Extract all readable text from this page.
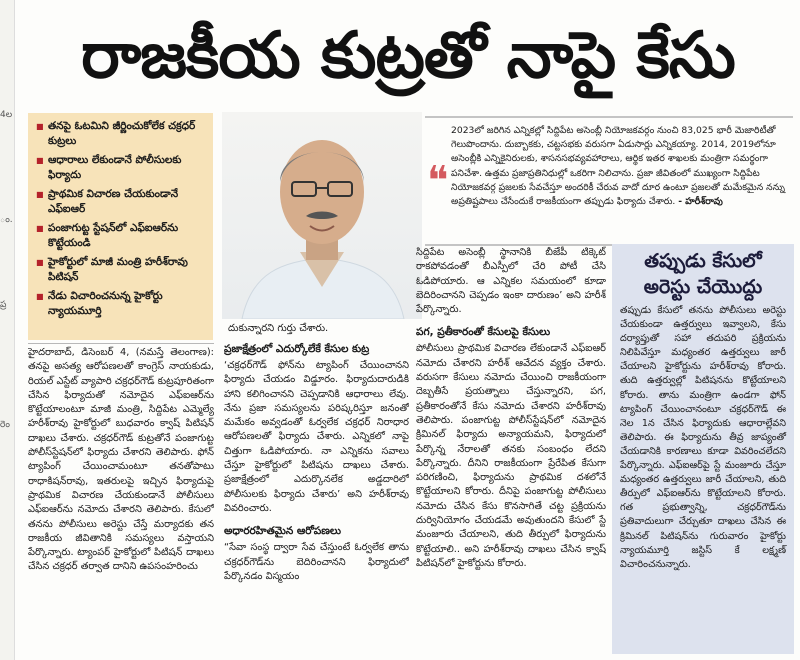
4ల
ం.
ప్ర
రెం
రాజకీయ కుట్రతో నాపై కేసు
■ తనపై ఓటమిని జీర్ణించుకోలేక చక్రధర్ కుట్రలు
■ ఆధారాలు లేకుండానే పోలీసులకు ఫిర్యాదు
■ ప్రాథమిక విచారణ చేయకుండానే ఎఫ్ఐఆర్
■ పంజాగుట్ట స్టేషన్‌లో ఎఫ్ఐఆర్‌ను కొట్టేయండి
■ హైకోర్టులో మాజీ మంత్రి హరీశ్‌రావు పిటిషన్
■ నేడు విచారించనున్న హైకోర్టు న్యాయమూర్తి
దుకున్నారని గుర్తు చేశారు.
❝
2023లో జరిగిన ఎన్నికల్లో సిద్దిపేట అసెంబ్లీ నియోజకవర్గం నుంచి 83,025 భారీ మెజారిటీతో గెలుపొందాను. దుబ్బాకకు, చట్టసభకు వరుసగా ఏడుసార్లు ఎన్నికయ్యా. 2014, 2019లోనూ అసెంబ్లీకి ఎన్నికైనిరులకు, శాసనసభవ్యవహారాలు, ఆర్థిక ఇతర శాఖలకు మంత్రిగా సమర్థంగా పనిచేశా. ఉత్తమ ప్రజాప్రతినిధుల్లో ఒకరిగా నిలిచాను. ప్రజా జీవితంలో ముఖ్యంగా సిద్దిపేట నియోజకవర్గ ప్రజలకు సేవచేస్తూ అందరికీ చేరువ వాదో దూర ఉంటూ ప్రజలతో మమేకమైన నన్ను అప్రతిష్టపాలు చేసేందుకే రాజకీయంగా తప్పుడు ఫిర్యాదు చేశారు. - హరీశ్‌రావు

హైదరాబాద్, డిసెంబర్ 4, (నమస్తే తెలంగాణ): తనపై అసత్య ఆరోపణలతో కాంగ్రెస్ నాయకుడు, రియల్ ఎస్టేట్ వ్యాపారి చక్రధర్‌గౌడ్ కుట్రపూరితంగా చేసిన ఫిర్యాదుతో నమోదైన ఎఫ్ఐఆర్‌ను కొట్టేయాలంటూ మాజీ మంత్రి, సిద్దిపేట ఎమ్మెల్యే హరీశ్‌రావు హైకోర్టులో బుధవారం క్వాష్ పిటిషన్ దాఖలు చేశారు. చక్రధర్‌గౌడ్ కుట్రతోనే పంజాగుట్ట పోలీస్‌స్టేషన్‌లో ఫిర్యాదు చేశారని తెలిపారు. ఫోన్ ట్యాపింగ్ చేయించామంటూ తనతోపాటు రాధాకిషన్‌రావు, ఇతరులపై ఇచ్చిన ఫిర్యాదుపై ప్రాథమిక విచారణ చేయకుండానే పోలీసులు ఎఫ్ఐఆర్‌ను నమోదు చేశారని తెలిపారు. కేసులో తనను పోలీసులు అరెస్టు చేస్తే మర్యాదకు తన రాజకీయ జీవితానికి సమస్యలు వస్తాయని పేర్కొన్నారు. ట్యాంపర్ హైకోర్టులో పిటిషన్ దాఖలు చేసిన చక్రధర్ తర్వాత దానిని ఉపసంహరించు

ప్రజాక్షేత్రంలో ఎదుర్కోలేకే కేసుల కుట్ర

‘చక్రధర్‌గౌడ్ ఫోన్‌ను ట్యాపింగ్ చేయించానని ఫిర్యాదు చేయడం విడ్డూరం. ఫిర్యాదుదారుడికి హాని కలిగించానని చెప్పడానికి ఆధారాలు లేవు. నేను ప్రజా సమస్యలను పరిష్కరిస్తూ జనంతో మమేకం అవ్వడంతో ఓర్వలేక చక్రధర్ నిరాధార ఆరోపణలతో ఫిర్యాదు చేశారు. ఎన్నికలో నాపై చిత్తుగా ఓడిపోయారు. నా ఎన్నికను సవాలు చేస్తూ హైకోర్టులో పిటిషను దాఖలు చేశారు. ప్రజాక్షేత్రంలో ఎదుర్కొనలేక అడ్డదారిలో పోలీసులకు ఫిర్యాదు చేశారు’ అని హరీశ్‌రావు వివరించారు.

అధారరహితమైన ఆరోపణలు

“సేవా సంస్థ ద్వారా సేవ చేస్తుంటే ఓర్వలేక తాను చక్రధర్‌గౌడ్‌ను బెదిరించానని ఫిర్యాదులో పేర్కొనడం విస్మయం

సిద్దిపేట అసెంబ్లీ స్థానానికి బీజేపీ టిక్కెట్ రాకపోవడంతో బీఎస్పీలో చేరి పోటీ చేసి ఓడిపోయారు. ఆ ఎన్నికల సమయంలో కూడా బెదిరించానని చెప్పడం ఇంకా దారుణం’ అని హరీశ్ పేర్కొన్నారు.

పగ, ప్రతీకారంతో కేసులపై కేసులు

పోలీసులు ప్రాథమిక విచారణ లేకుండానే ఎఫ్ఐఆర్ నమోదు చేశారని హరీశ్ ఆవేదన వ్యక్తం చేశారు. వరుసగా కేసులు నమోదు చేయించి రాజకీయంగా దెబ్బతీసే ప్రయత్నాలు చేస్తున్నారని, పగ, ప్రతీకారంతోనే కేసు నమోదు చేశారని హరీశ్‌రావు తెలిపారు. పంజాగుట్ట పోలీస్‌స్టేషన్‌లో నమోదైన క్రిమినల్ ఫిర్యాదు అన్యాయమని, ఫిర్యాదులో పేర్కొన్న నేరాలతో తనకు సంబంధం లేదని పేర్కొన్నారు. దీనిని రాజకీయంగా ప్రేరేపిత కేసుగా పరిగణించి, ఫిర్యాదును ప్రాథమిక దశలోనే కొట్టేయాలని కోరారు. దీనిపై పంజాగుట్ట పోలీసులు నమోదు చేసిన కేసు కొనసాగితే చట్ట ప్రక్రియను దుర్వినియోగం చేయడమే అవుతుందని కేసులో స్టే మంజూరు చేయాలని, తుది తీర్పులో ఫిర్యాదును కొట్టేయాలి.. అని హరీశ్‌రావు దాఖలు చేసిన క్వాష్ పిటిషన్‌లో హైకోర్టును కోరారు.

తప్పుడు కేసులో అరెస్టు చేయొద్దు
తప్పుడు కేసులో తనను పోలీసులు అరెస్టు చేయకుండా ఉత్తర్వులు ఇవ్వాలని, కేసు దర్యాప్తుతో సహా తదుపరి ప్రక్రియను నిలిపివేస్తూ మధ్యంతర ఉత్తర్వులు జారీ చేయాలని హైకోర్టును హరీశ్‌రావు కోరారు. తుది ఉత్తర్వుల్లో పిటిషనను కొట్టేయాలని కోరారు. తాను మంత్రిగా ఉండగా ఫోన్ ట్యాపింగ్ చేయించానంటూ చక్రధర్‌గౌడ్ ఈ నెల 1న చేసిన ఫిర్యాదుకు ఆధారాల్లేవని తెలిపారు. ఈ ఫిర్యాదును తీవ్ర జాప్యంతో చేయడానికి కారణాలు కూడా వివరించలేదని పేర్కొన్నారు. ఎఫ్ఐఆర్‌పై స్టే మంజూరు చేస్తూ మధ్యంతర ఉత్తర్వులు జారీ చేయాలని, తుది తీర్పులో ఎఫ్ఐఆర్‌ను కొట్టేయాలని కోరారు. గత ప్రభుత్వాన్ని, చక్రధర్‌గౌడ్‌ను ప్రతివాదులుగా చేర్చుతూ దాఖలు చేసిన ఈ క్రిమినల్ పిటిషన్‌ను గురువారం హైకోర్టు న్యాయమూర్తి జస్టిస్ కే లక్ష్మణ్ విచారించనున్నారు.
